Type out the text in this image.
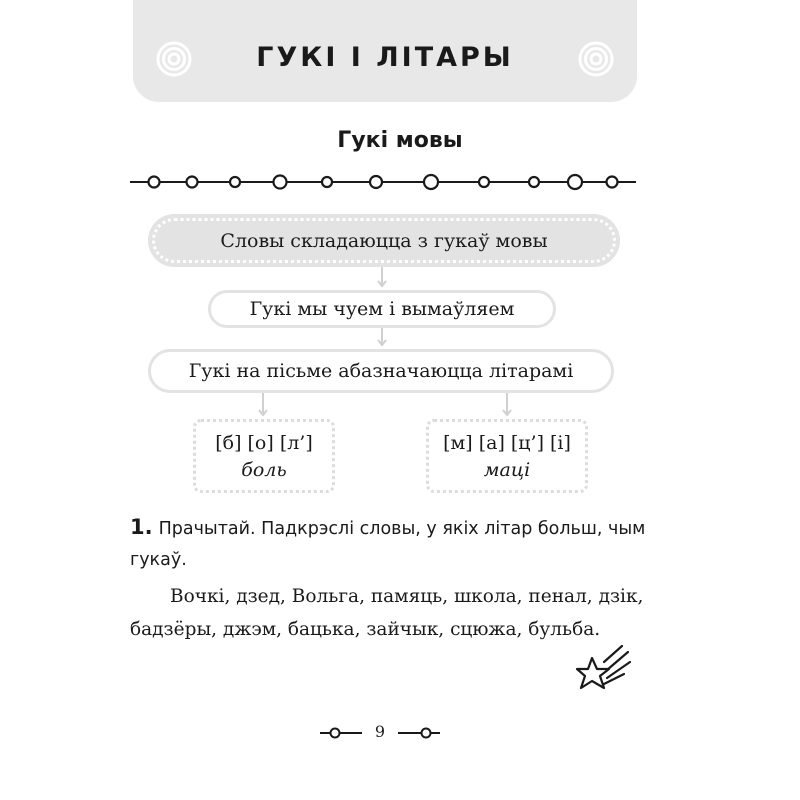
ГУКІ І ЛІТАРЫ
Гукі мовы
Словы складаюцца з гукаў мовы
Гукі мы чуем і вымаўляем
Гукі на пісьме абазначаюцца літарамі
[б] [о] [л’]
боль
[м] [а] [ц’] [і]
маці

1. Прачытай. Падкрэслі словы, у якіх літар больш, чым гукаў.

Вочкі, дзед, Вольга, памяць, школа, пенал, дзік, бадзёры, джэм, бацька, зайчык, сцюжа, бульба.

9
